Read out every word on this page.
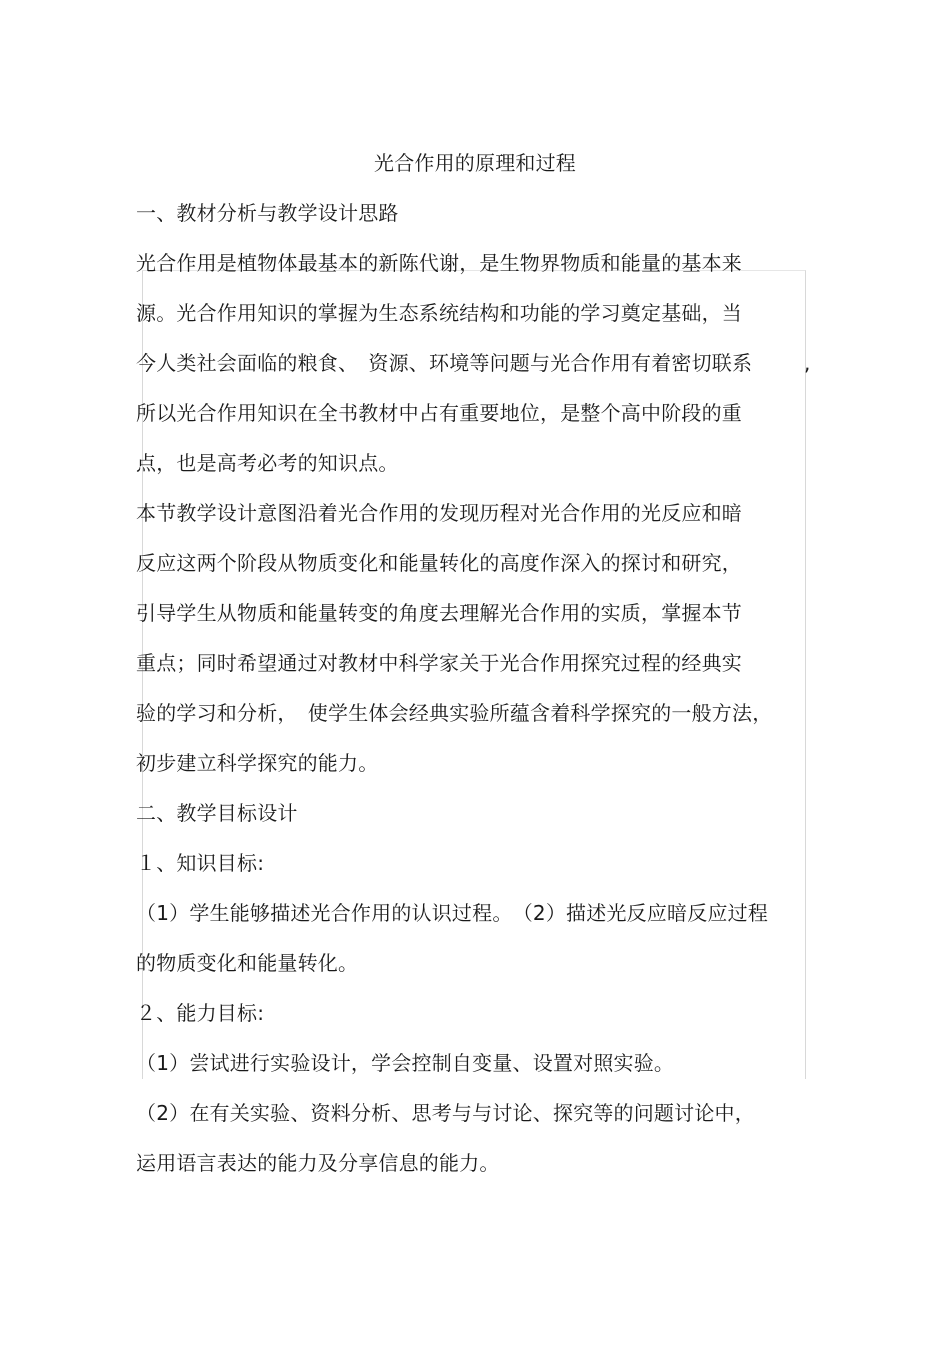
光合作用的原理和过程
一、教材分析与教学设计思路
光合作用是植物体最基本的新陈代谢，是生物界物质和能量的基本来
源。光合作用知识的掌握为生态系统结构和功能的学习奠定基础，当
今人类社会面临的粮食、　资源、环境等问题与光合作用有着密切联系	,
所以光合作用知识在全书教材中占有重要地位，是整个高中阶段的重
点，也是高考必考的知识点。
本节教学设计意图沿着光合作用的发现历程对光合作用的光反应和暗
反应这两个阶段从物质变化和能量转化的高度作深入的探讨和研究，
引导学生从物质和能量转变的角度去理解光合作用的实质，掌握本节
重点；同时希望通过对教材中科学家关于光合作用探究过程的经典实
验的学习和分析，　使学生体会经典实验所蕴含着科学探究的一般方法，
初步建立科学探究的能力。
二、教学目标设计
１、知识目标:
（1）学生能够描述光合作用的认识过程。　（2）描述光反应暗反应过程
的物质变化和能量转化。
２、能力目标:
（1）尝试进行实验设计，学会控制自变量、设置对照实验。
（2）在有关实验、资料分析、思考与与讨论、探究等的问题讨论中，
运用语言表达的能力及分享信息的能力。
